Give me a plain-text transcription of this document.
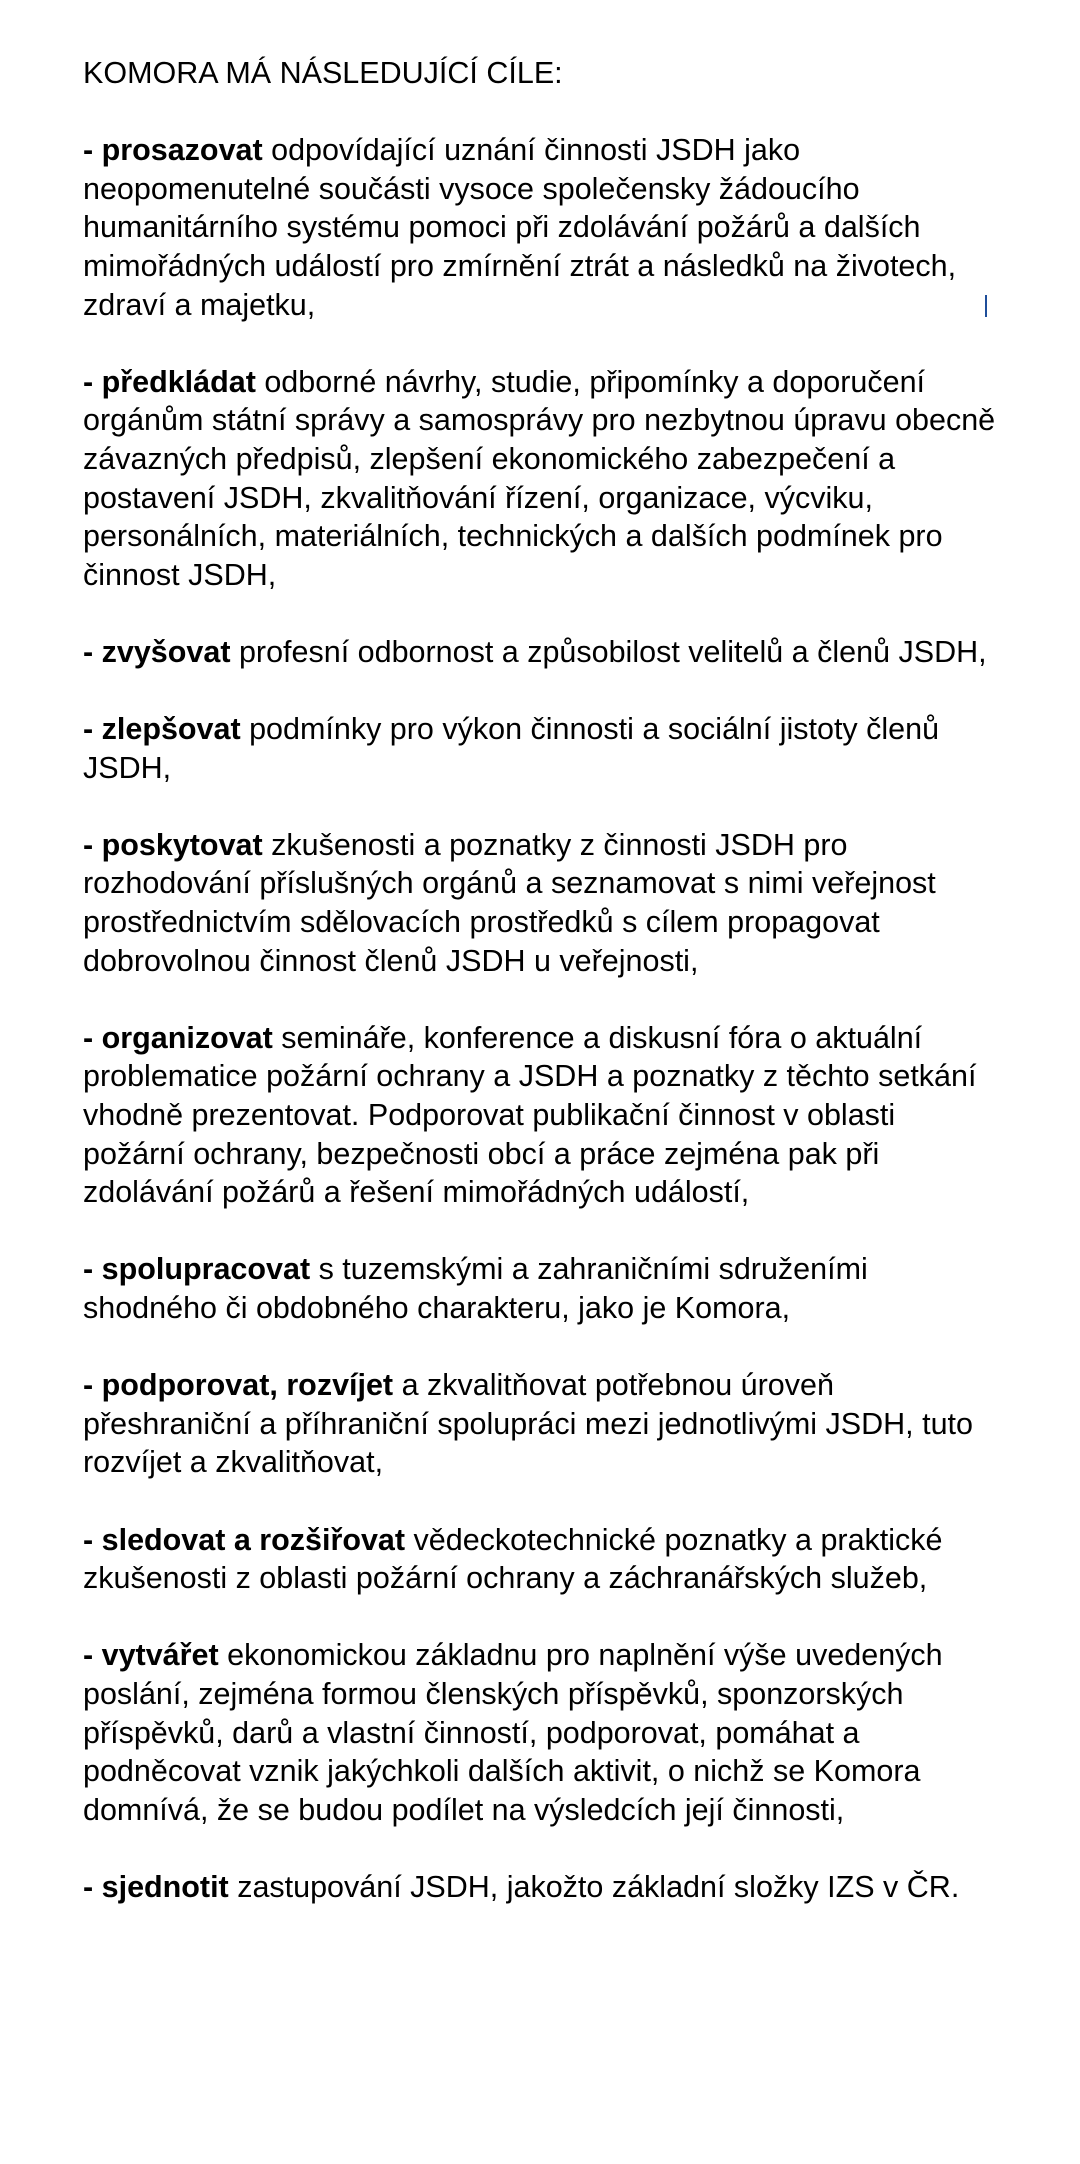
KOMORA MÁ NÁSLEDUJÍCÍ CÍLE:

- prosazovat odpovídající uznání činnosti JSDH jako neopomenutelné součásti vysoce společensky žádoucího humanitárního systému pomoci při zdolávání požárů a dalších mimořádných událostí pro zmírnění ztrát a následků na životech, zdraví a majetku,

- předkládat odborné návrhy, studie, připomínky a doporučení orgánům státní správy a samosprávy pro nezbytnou úpravu obecně závazných předpisů, zlepšení ekonomického zabezpečení a postavení JSDH, zkvalitňování řízení, organizace, výcviku, personálních, materiálních, technických a dalších podmínek pro činnost JSDH,

- zvyšovat profesní odbornost a způsobilost velitelů a členů JSDH,

- zlepšovat podmínky pro výkon činnosti a sociální jistoty členů JSDH,

- poskytovat zkušenosti a poznatky z činnosti JSDH pro rozhodování příslušných orgánů a seznamovat s nimi veřejnost prostřednictvím sdělovacích prostředků s cílem propagovat dobrovolnou činnost členů JSDH u veřejnosti,

- organizovat semináře, konference a diskusní fóra o aktuální problematice požární ochrany a JSDH a poznatky z těchto setkání vhodně prezentovat. Podporovat publikační činnost v oblasti požární ochrany, bezpečnosti obcí a práce zejména pak při zdolávání požárů a řešení mimořádných událostí,

- spolupracovat s tuzemskými a zahraničními sdruženími shodného či obdobného charakteru, jako je Komora,

- podporovat, rozvíjet a zkvalitňovat potřebnou úroveň přeshraniční a příhraniční spolupráci mezi jednotlivými JSDH, tuto rozvíjet a zkvalitňovat,

- sledovat a rozšiřovat vědeckotechnické poznatky a praktické zkušenosti z oblasti požární ochrany a záchranářských služeb,

- vytvářet ekonomickou základnu pro naplnění výše uvedených poslání, zejména formou členských příspěvků, sponzorských příspěvků, darů a vlastní činností, podporovat, pomáhat a podněcovat vznik jakýchkoli dalších aktivit, o nichž se Komora domnívá, že se budou podílet na výsledcích její činnosti,

- sjednotit zastupování JSDH, jakožto základní složky IZS v ČR.
